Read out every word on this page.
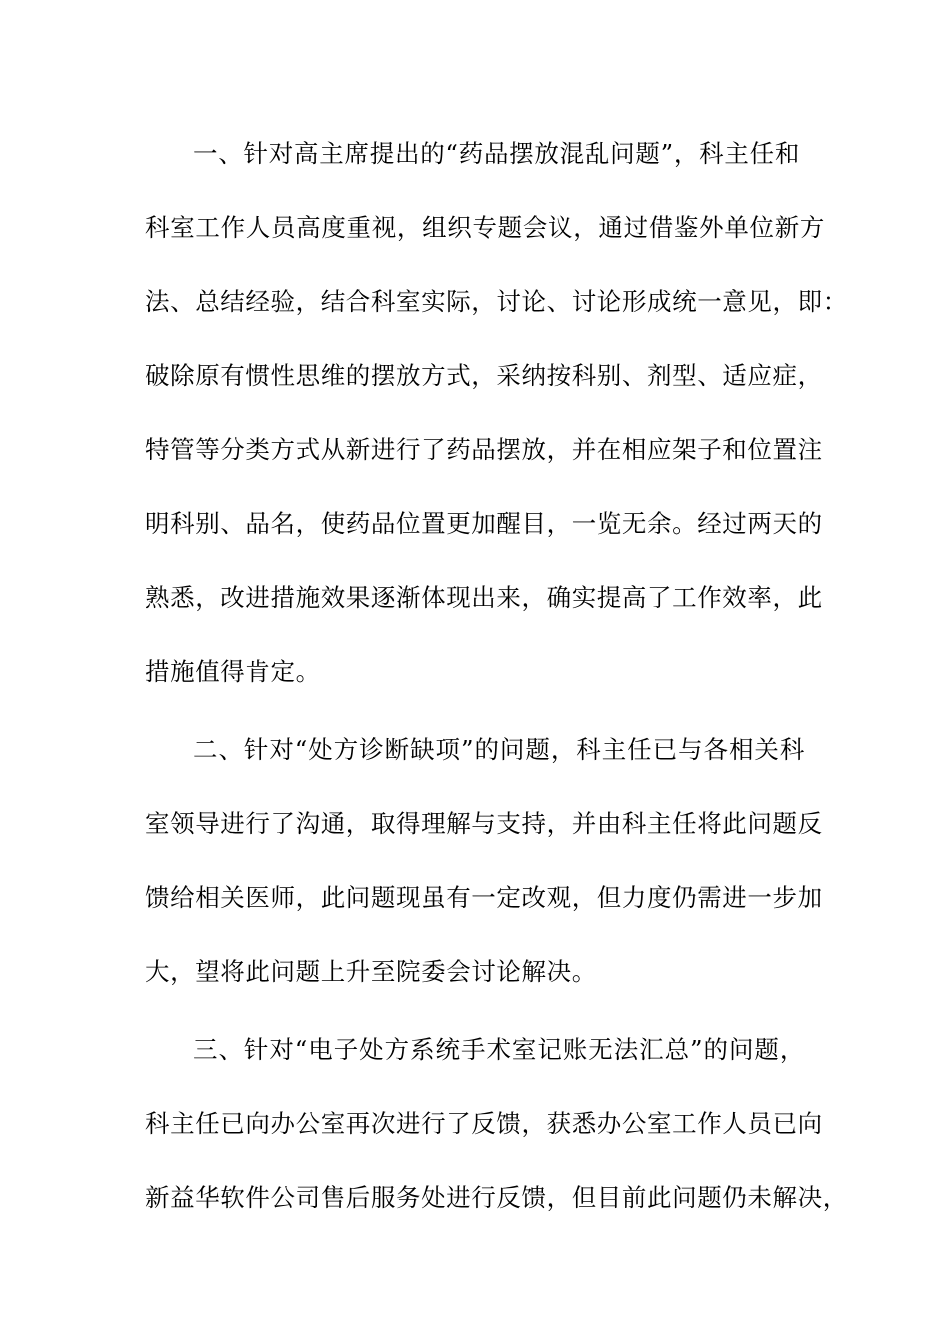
一、针对高主席提出的“药品摆放混乱问题”，科主任和
科室工作人员高度重视，组织专题会议，通过借鉴外单位新方
法、总结经验，结合科室实际，讨论、讨论形成统一意见，即：
破除原有惯性思维的摆放方式，采纳按科别、剂型、适应症，
特管等分类方式从新进行了药品摆放，并在相应架子和位置注
明科别、品名，使药品位置更加醒目，一览无余。经过两天的
熟悉，改进措施效果逐渐体现出来，确实提高了工作效率，此
措施值得肯定。
二、针对“处方诊断缺项”的问题，科主任已与各相关科
室领导进行了沟通，取得理解与支持，并由科主任将此问题反
馈给相关医师，此问题现虽有一定改观，但力度仍需进一步加
大，望将此问题上升至院委会讨论解决。
三、针对“电子处方系统手术室记账无法汇总”的问题，
科主任已向办公室再次进行了反馈，获悉办公室工作人员已向
新益华软件公司售后服务处进行反馈，但目前此问题仍未解决，
